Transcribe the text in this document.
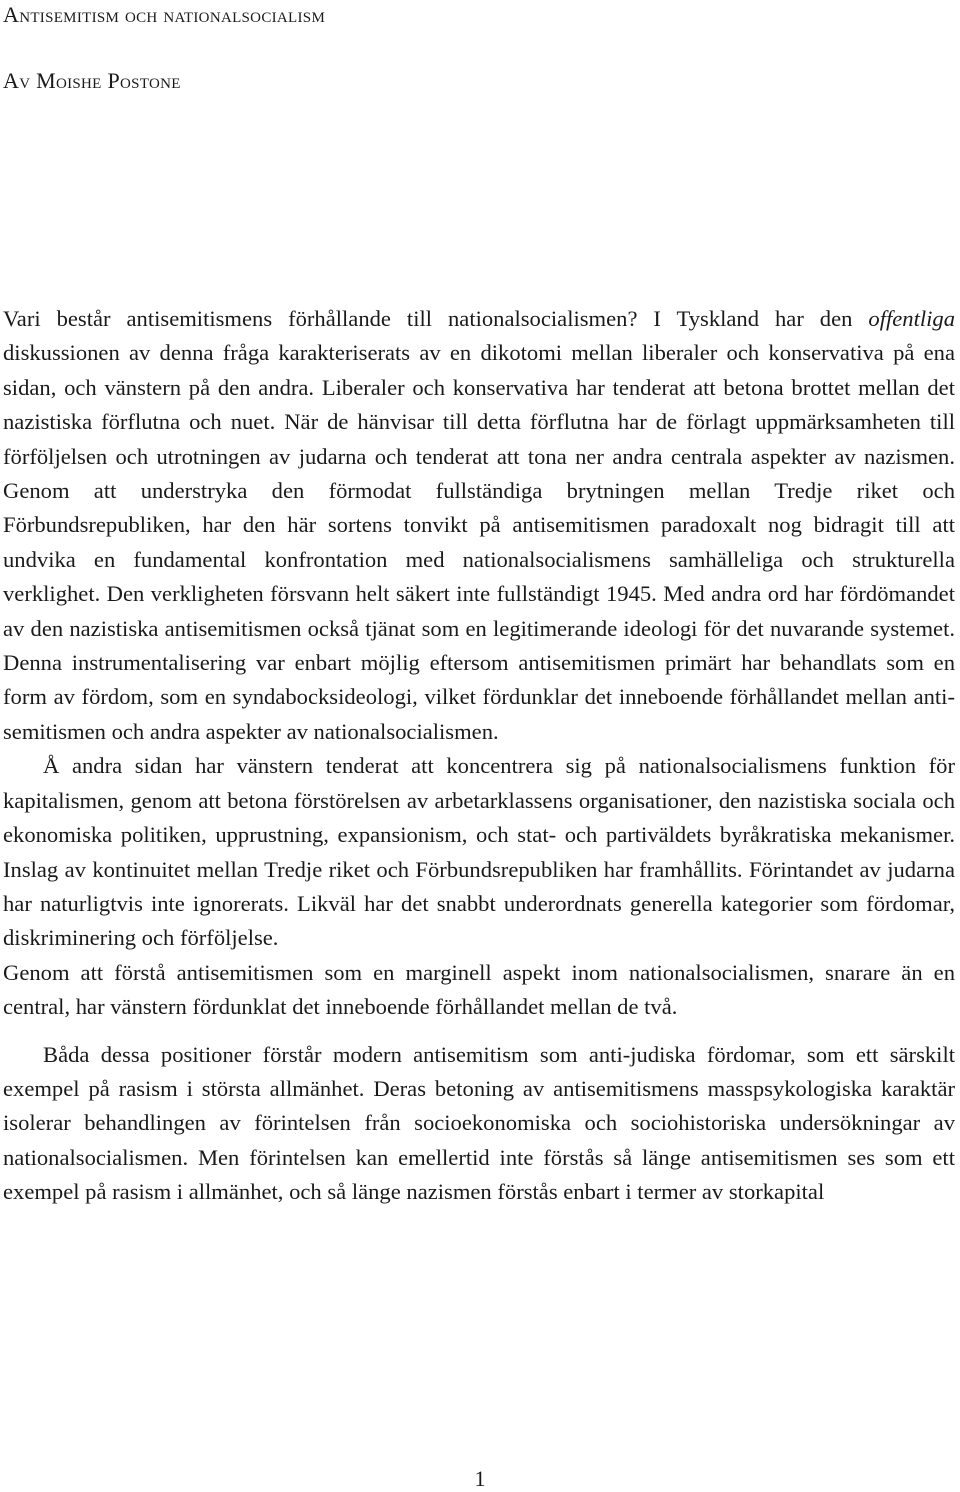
Antisemitism och nationalsocialism
Av Moishe Postone

Vari består antisemitismens förhållande till nationalsocialismen? I Tyskland har den offentliga diskussionen av denna fråga karakteriserats av en dikotomi mellan liberaler och konservativa på ena sidan, och vänstern på den andra. Liberaler och konservativa har tenderat att betona brottet mellan det nazistiska förflutna och nuet. När de hänvisar till detta förflutna har de förlagt uppmärksamheten till förföljelsen och utrotningen av judarna och tenderat att tona ner andra centrala aspekter av nazismen. Genom att understryka den förmodat fullständiga brytningen mellan Tredje riket och Förbundsrepubliken, har den här sortens tonvikt på antisemitismen paradoxalt nog bidragit till att undvika en fundamental konfrontation med nationalsocialismens samhälleliga och strukturella verklighet. Den verkligheten försvann helt säkert inte fullständigt 1945. Med andra ord har fördömandet av den nazistiska antisemitismen också tjänat som en legitimerande ideologi för det nuvarande systemet. Denna instrumentalisering var enbart möjlig eftersom antisemitismen primärt har behandlats som en form av fördom, som en syndabocksideologi, vilket fördunklar det inneboende förhållandet mellan antisemitismen och andra aspekter av nationalsocialismen.

Å andra sidan har vänstern tenderat att koncentrera sig på nationalsocialismens funktion för kapitalismen, genom att betona förstörelsen av arbetarklassens organisationer, den nazistiska sociala och ekonomiska politiken, upprustning, expansionism, och stat- och partiväldets byråkratiska mekanismer. Inslag av kontinuitet mellan Tredje riket och Förbundsrepubliken har framhållits. Förintandet av judarna har naturligtvis inte ignorerats. Likväl har det snabbt underordnats generella kategorier som fördomar, diskriminering och förföljelse.

Genom att förstå antisemitismen som en marginell aspekt inom nationalsocialismen, snarare än en central, har vänstern fördunklat det inneboende förhållandet mellan de två.

Båda dessa positioner förstår modern antisemitism som anti-judiska fördomar, som ett särskilt exempel på rasism i största allmänhet. Deras betoning av antisemitismens masspsykologiska karaktär isolerar behandlingen av förintelsen från socioekonomiska och sociohistoriska undersökningar av nationalsocialismen. Men förintelsen kan emellertid inte förstås så länge antisemitismen ses som ett exempel på rasism i allmänhet, och så länge nazismen förstås enbart i termer av storkapital

1
